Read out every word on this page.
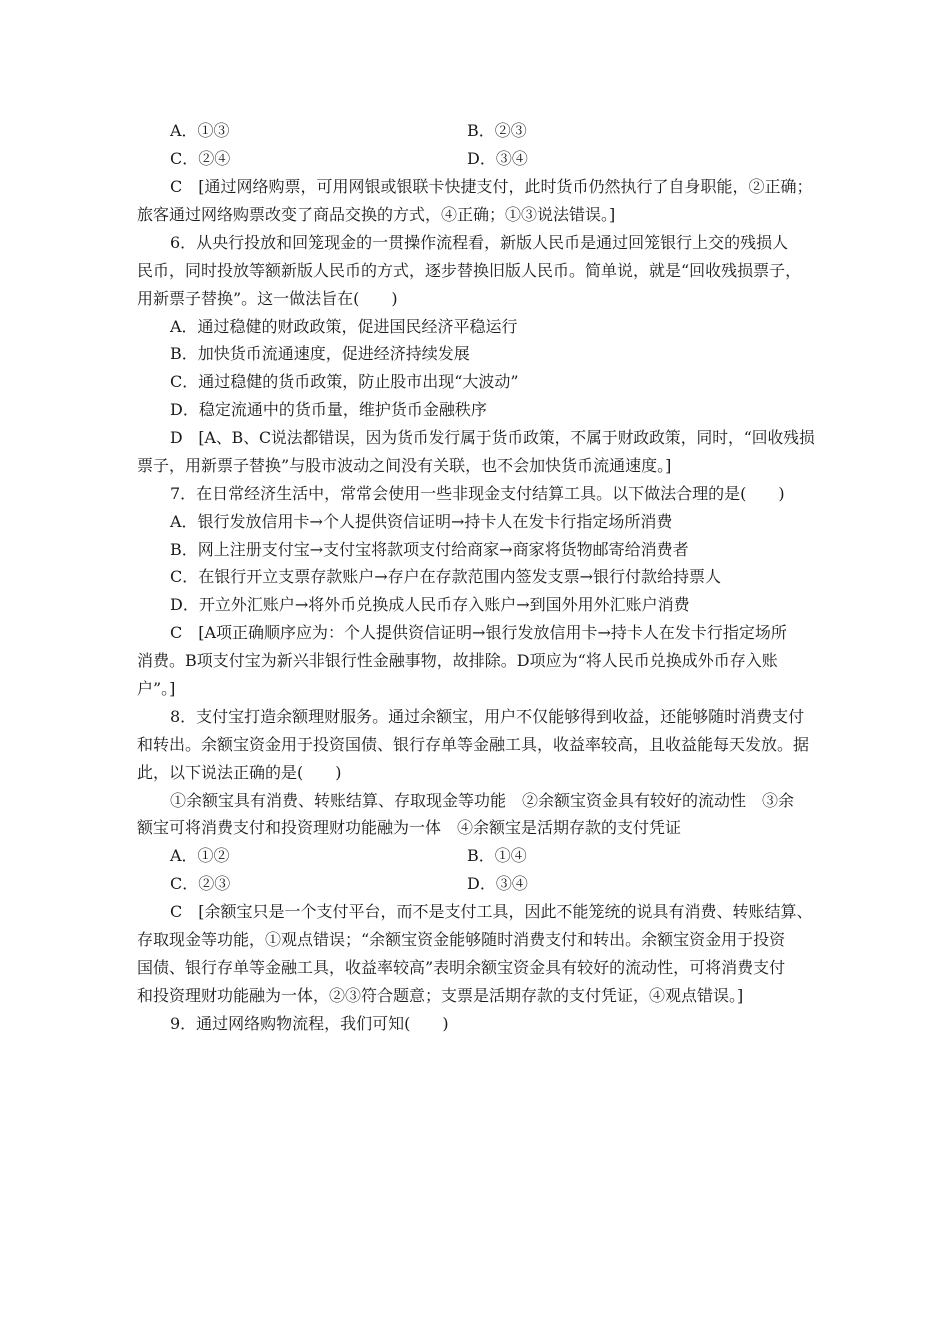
A．①③	B．②③
C．②④	D．③④
C　[通过网络购票，可用网银或银联卡快捷支付，此时货币仍然执行了自身职能，②正确；
旅客通过网络购票改变了商品交换的方式，④正确；①③说法错误。]
6．从央行投放和回笼现金的一贯操作流程看，新版人民币是通过回笼银行上交的残损人
民币，同时投放等额新版人民币的方式，逐步替换旧版人民币。简单说，就是“回收残损票子，
用新票子替换”。这一做法旨在(　　)
A．通过稳健的财政政策，促进国民经济平稳运行
B．加快货币流通速度，促进经济持续发展
C．通过稳健的货币政策，防止股市出现“大波动”
D．稳定流通中的货币量，维护货币金融秩序
D　[A、B、C说法都错误，因为货币发行属于货币政策，不属于财政政策，同时，“回收残损
票子，用新票子替换”与股市波动之间没有关联，也不会加快货币流通速度。]
7．在日常经济生活中，常常会使用一些非现金支付结算工具。以下做法合理的是(　　)
A．银行发放信用卡→个人提供资信证明→持卡人在发卡行指定场所消费
B．网上注册支付宝→支付宝将款项支付给商家→商家将货物邮寄给消费者
C．在银行开立支票存款账户→存户在存款范围内签发支票→银行付款给持票人
D．开立外汇账户→将外币兑换成人民币存入账户→到国外用外汇账户消费
C　[A项正确顺序应为：个人提供资信证明→银行发放信用卡→持卡人在发卡行指定场所
消费。B项支付宝为新兴非银行性金融事物，故排除。D项应为“将人民币兑换成外币存入账
户”。]
8．支付宝打造余额理财服务。通过余额宝，用户不仅能够得到收益，还能够随时消费支付
和转出。余额宝资金用于投资国债、银行存单等金融工具，收益率较高，且收益能每天发放。据
此，以下说法正确的是(　　)
①余额宝具有消费、转账结算、存取现金等功能　②余额宝资金具有较好的流动性　③余
额宝可将消费支付和投资理财功能融为一体　④余额宝是活期存款的支付凭证
A．①②	B．①④
C．②③	D．③④
C　[余额宝只是一个支付平台，而不是支付工具，因此不能笼统的说具有消费、转账结算、
存取现金等功能，①观点错误；“余额宝资金能够随时消费支付和转出。余额宝资金用于投资
国债、银行存单等金融工具，收益率较高”表明余额宝资金具有较好的流动性，可将消费支付
和投资理财功能融为一体，②③符合题意；支票是活期存款的支付凭证，④观点错误。]
9．通过网络购物流程，我们可知(　　)
